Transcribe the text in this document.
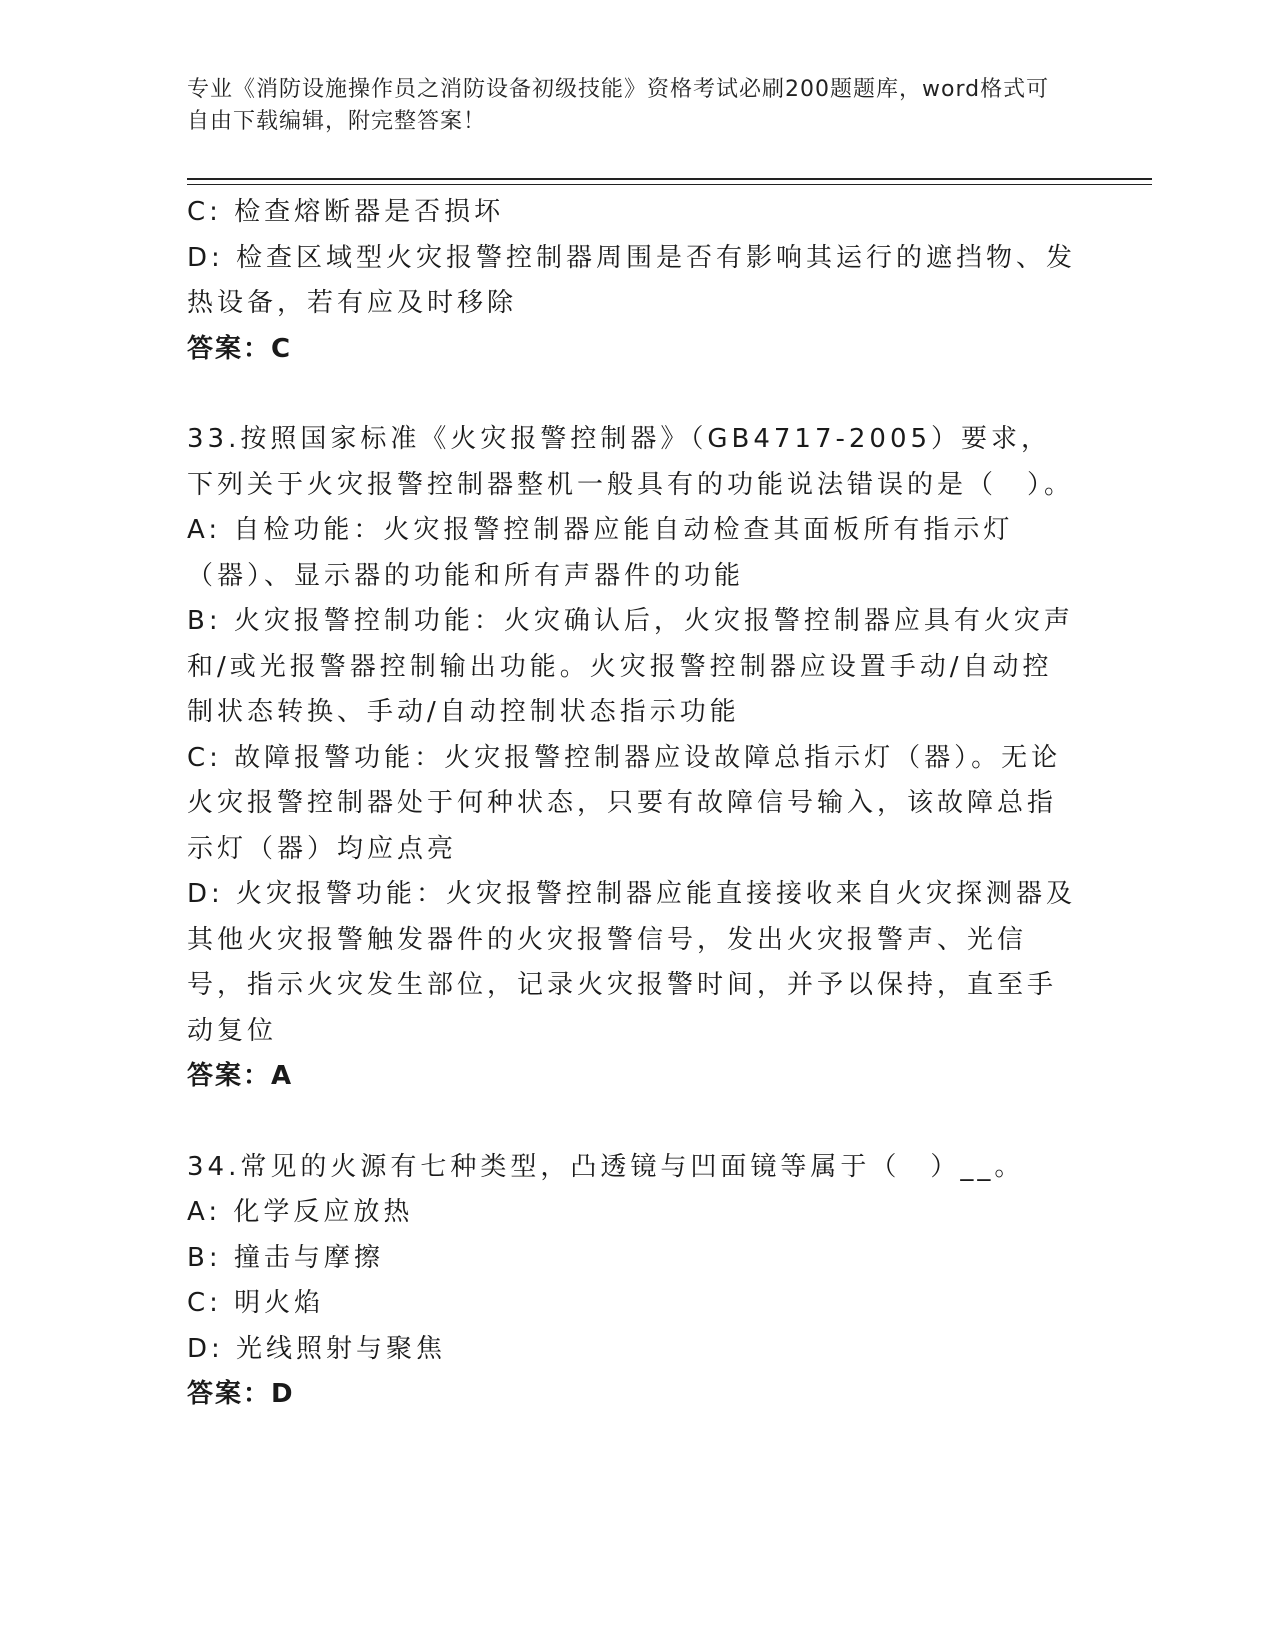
专业《消防设施操作员之消防设备初级技能》资格考试必刷200题题库，word格式可自由下载编辑，附完整答案！
C: 检查熔断器是否损坏
D: 检查区域型火灾报警控制器周围是否有影响其运行的遮挡物、发热设备，若有应及时移除
答案：C
33.按照国家标准《火灾报警控制器》（GB4717-2005）要求，下列关于火灾报警控制器整机一般具有的功能说法错误的是（　）。
A: 自检功能：火灾报警控制器应能自动检查其面板所有指示灯（器）、显示器的功能和所有声器件的功能
B: 火灾报警控制功能：火灾确认后，火灾报警控制器应具有火灾声和/或光报警器控制输出功能。火灾报警控制器应设置手动/自动控制状态转换、手动/自动控制状态指示功能
C: 故障报警功能：火灾报警控制器应设故障总指示灯（器）。无论火灾报警控制器处于何种状态，只要有故障信号输入，该故障总指示灯（器）均应点亮
D: 火灾报警功能：火灾报警控制器应能直接接收来自火灾探测器及其他火灾报警触发器件的火灾报警信号，发出火灾报警声、光信号，指示火灾发生部位，记录火灾报警时间，并予以保持，直至手动复位
答案：A
34.常见的火源有七种类型，凸透镜与凹面镜等属于（　）__。
A: 化学反应放热
B: 撞击与摩擦
C: 明火焰
D: 光线照射与聚焦
答案：D
